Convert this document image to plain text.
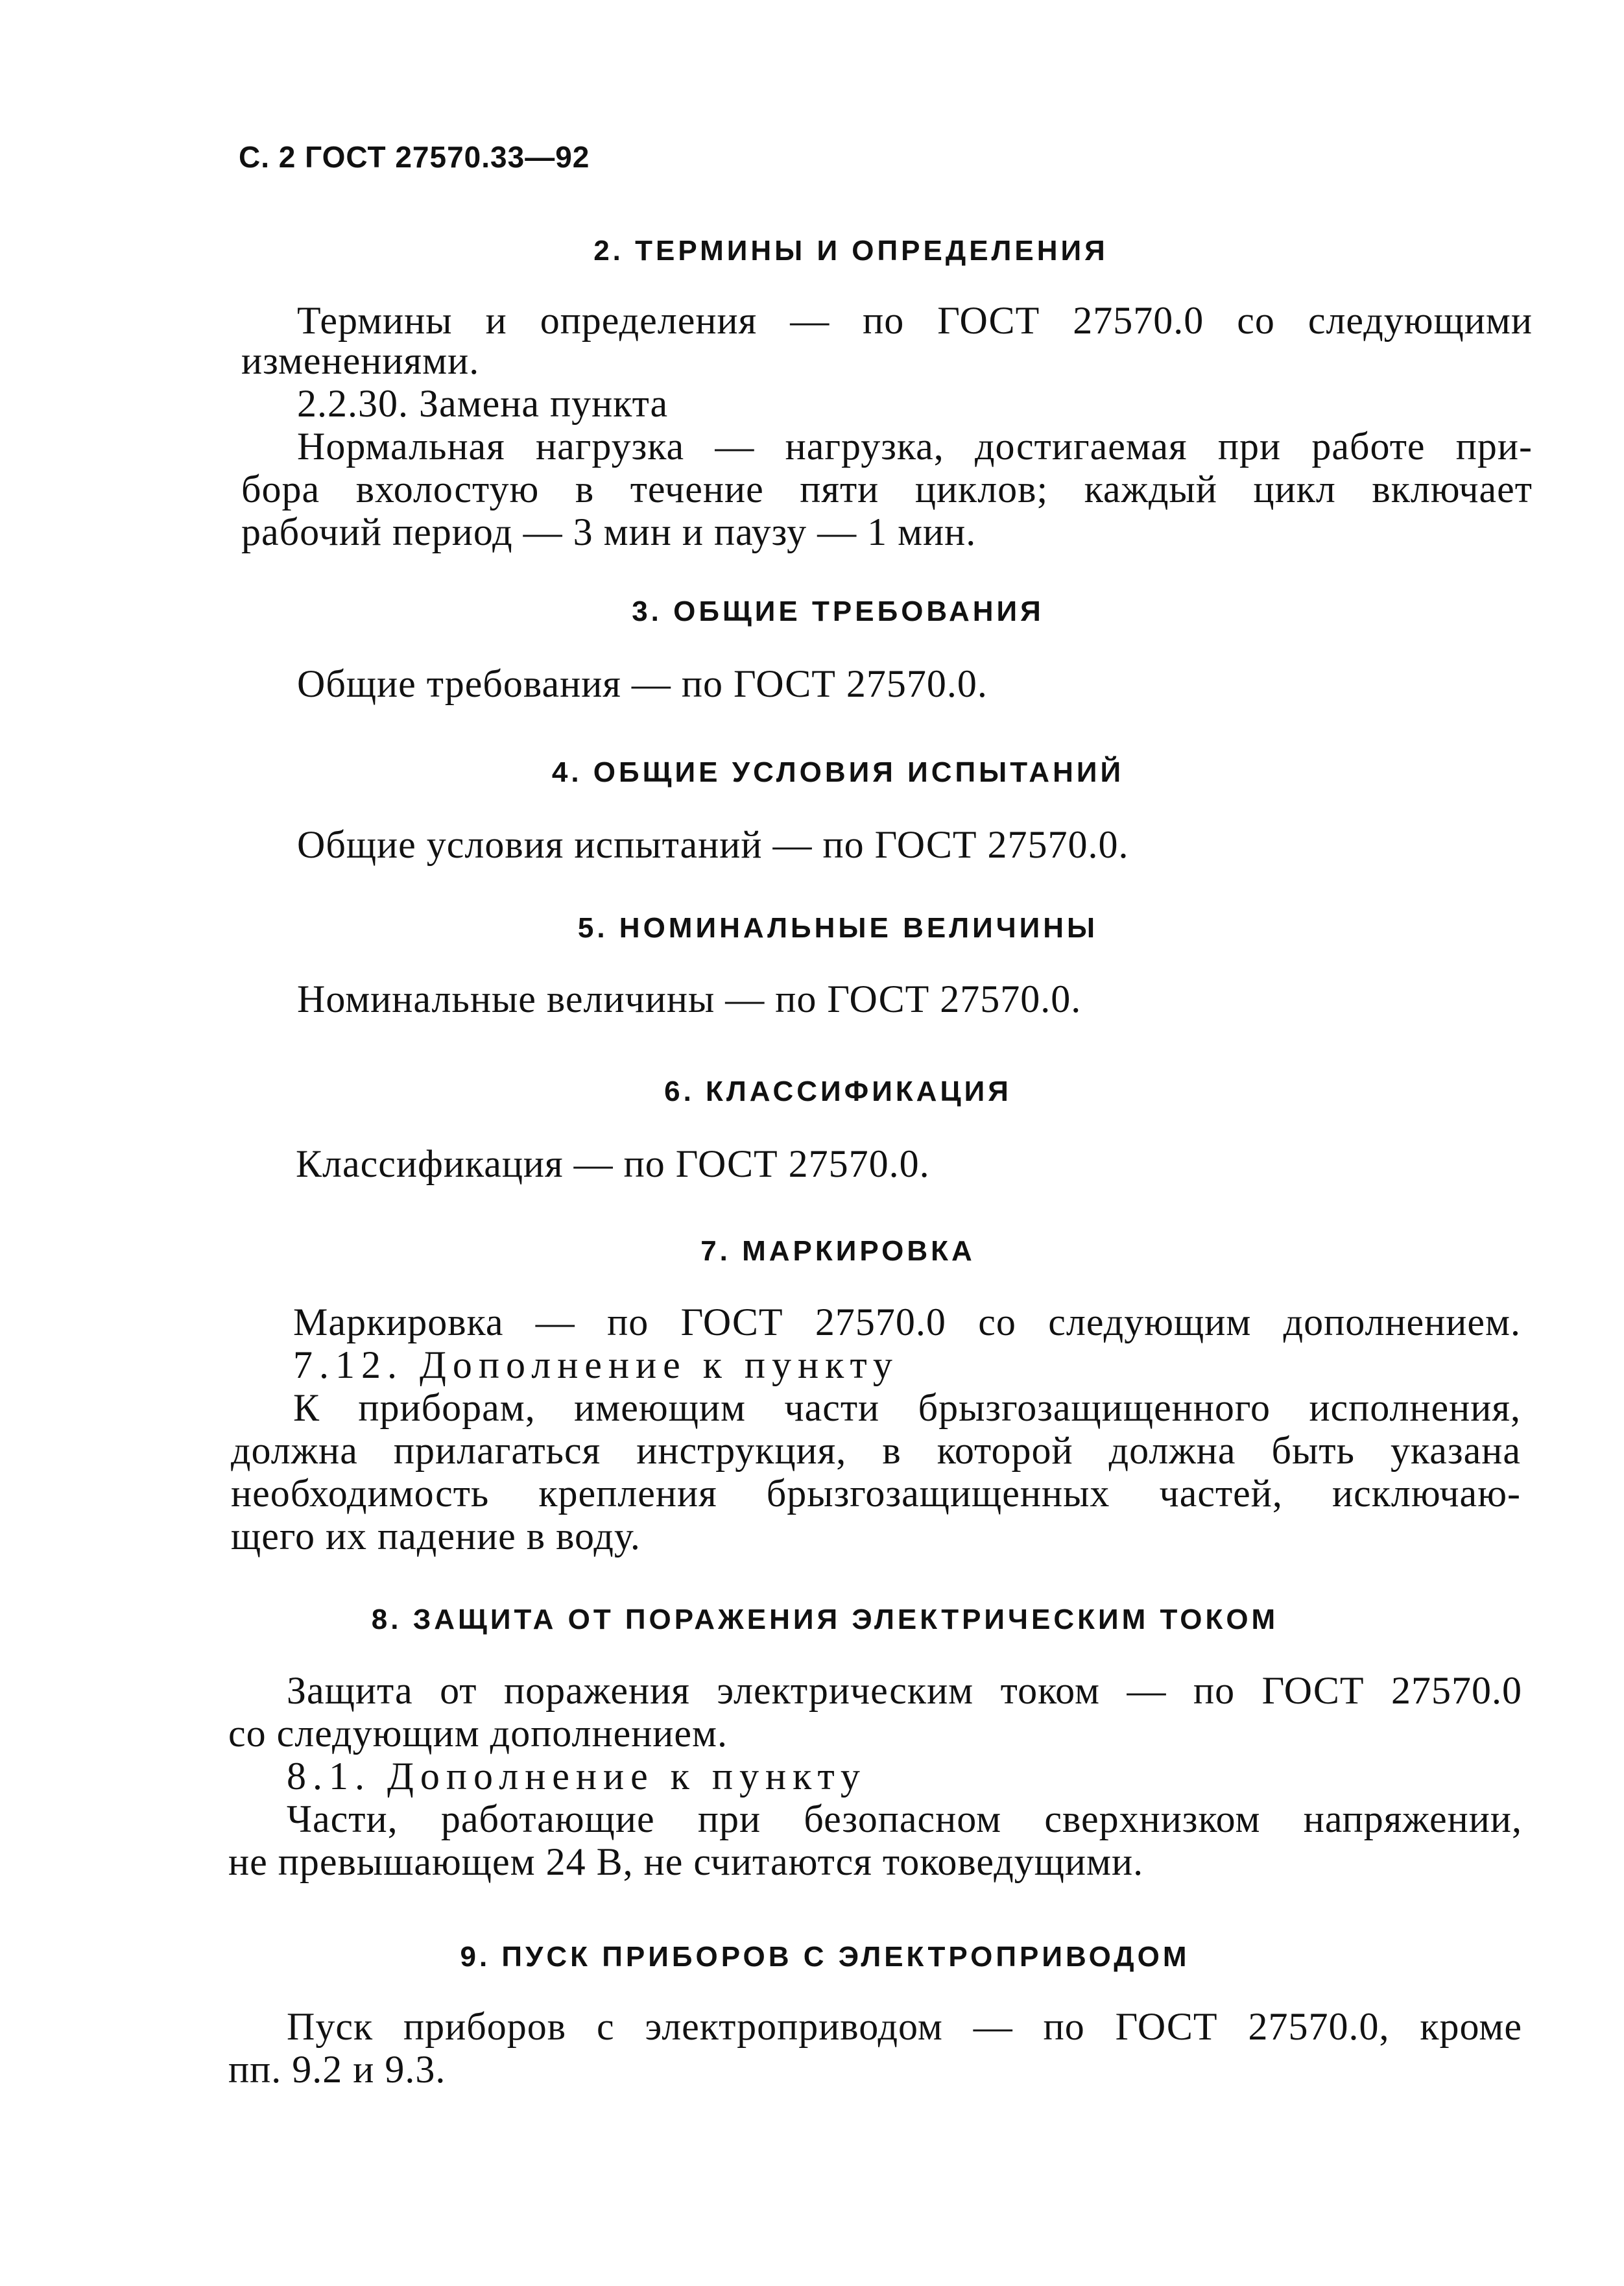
С. 2 ГОСТ 27570.33—92
2. ТЕРМИНЫ И ОПРЕДЕЛЕНИЯ
Термины и определения — по ГОСТ 27570.0 со следующими
изменениями.
2.2.30. Замена пункта
Нормальная нагрузка — нагрузка, достигаемая при работе при-
бора вхолостую в течение пяти циклов; каждый цикл включает
рабочий период — 3 мин и паузу — 1 мин.
3. ОБЩИЕ ТРЕБОВАНИЯ
Общие требования — по ГОСТ 27570.0.
4. ОБЩИЕ УСЛОВИЯ ИСПЫТАНИЙ
Общие условия испытаний — по ГОСТ 27570.0.
5. НОМИНАЛЬНЫЕ ВЕЛИЧИНЫ
Номинальные величины — по ГОСТ 27570.0.
6. КЛАССИФИКАЦИЯ
Классификация — по ГОСТ 27570.0.
7. МАРКИРОВКА
Маркировка — по ГОСТ 27570.0 со следующим дополнением.
7.12. Дополнение к пункту
К приборам, имеющим части брызгозащищенного исполнения,
должна прилагаться инструкция, в которой должна быть указана
необходимость крепления брызгозащищенных частей, исключаю-
щего их падение в воду.
8. ЗАЩИТА ОТ ПОРАЖЕНИЯ ЭЛЕКТРИЧЕСКИМ ТОКОМ
Защита от поражения электрическим током — по ГОСТ 27570.0
со следующим дополнением.
8.1. Дополнение к пункту
Части, работающие при безопасном сверхнизком напряжении,
не превышающем 24 В, не считаются токоведущими.
9. ПУСК ПРИБОРОВ С ЭЛЕКТРОПРИВОДОМ
Пуск приборов с электроприводом — по ГОСТ 27570.0, кроме
пп. 9.2 и 9.3.
